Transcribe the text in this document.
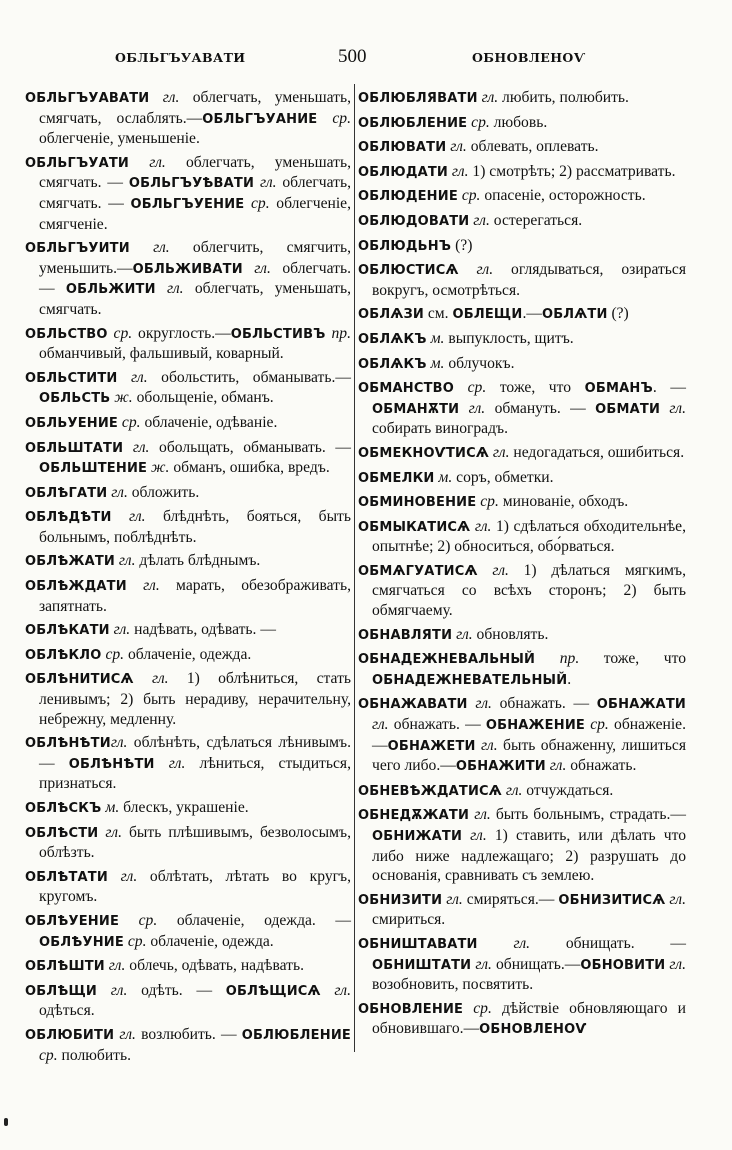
ОБЛЬГЪУАВАТИ	500	ОБНОВЛЕНОѴ

ОБЛЬГЪУАВАТИ гл. облегчать, уменьшать, смягчать, ослаблять.—ОБЛЬГЪУАНИЕ ср. облегченіе, уменьшеніе.

ОБЛЬГЪУАТИ гл. облегчать, уменьшать, смягчать. — ОБЛЬГЪУѢВАТИ гл. облегчать, смягчать. — ОБЛЬГЪУЕНИЕ ср. облегченіе, смягченіе.

ОБЛЬГЪУИТИ гл. облегчить, смягчить, уменьшить.—ОБЛЬЖИВАТИ гл. облегчать. — ОБЛЬЖИТИ гл. облегчать, уменьшать, смягчать.

ОБЛЬСТВО ср. округлость.—ОБЛЬСТИВЪ пр. обманчивый, фальшивый, коварный.

ОБЛЬСТИТИ гл. обольстить, обманывать.—ОБЛЬСТЬ ж. обольщеніе, обманъ.

ОБЛЬУЕНИЕ ср. облаченіе, одѣваніе.

ОБЛЬШТАТИ гл. обольщать, обманывать. — ОБЛЬШТЕНИЕ ж. обманъ, ошибка, вредъ.

ОБЛѢГАТИ гл. обложить.

ОБЛѢДѢТИ гл. блѣднѣть, бояться, быть больнымъ, поблѣднѣть.

ОБЛѢЖАТИ гл. дѣлать блѣднымъ.

ОБЛѢЖДАТИ гл. марать, обезображивать, запятнать.

ОБЛѢКАТИ гл. надѣвать, одѣвать. —

ОБЛѢКЛО ср. облаченіе, одежда.

ОБЛѢНИТИСѦ гл. 1) облѣниться, стать ленивымъ; 2) быть нерадиву, нерачительну, небрежну, медленну.

ОБЛѢНѢТИгл. облѣнѣть, сдѣлаться лѣнивымъ. — ОБЛѢНѢТИ гл. лѣниться, стыдиться, признаться.

ОБЛѢСКЪ м. блескъ, украшеніе.

ОБЛѢСТИ гл. быть плѣшивымъ, безволосымъ, облѣзть.

ОБЛѢТАТИ гл. облѣтать, лѣтать во кругъ, кругомъ.

ОБЛѢУЕНИЕ ср. облаченіе, одежда. — ОБЛѢУНИЕ ср. облаченіе, одежда.

ОБЛѢШТИ гл. облечь, одѣвать, надѣвать.

ОБЛѢЩИ гл. одѣть. — ОБЛѢЩИСѦ гл. одѣться.

ОБЛЮБИТИ гл. возлюбить. — ОБЛЮБЛЕНИЕ ср. полюбить.

ОБЛЮБЛЯВАТИ гл. любить, полюбить.

ОБЛЮБЛЕНИЕ ср. любовь.

ОБЛЮВАТИ гл. облевать, оплевать.

ОБЛЮДАТИ гл. 1) смотрѣть; 2) рассматривать.

ОБЛЮДЕНИЕ ср. опасеніе, осторожность.

ОБЛЮДОВАТИ гл. остерегаться.

ОБЛЮДЬНЪ (?)

ОБЛЮСТИСѦ гл. оглядываться, озираться вокругъ, осмотрѣться.

ОБЛѦЗИ см. ОБЛЕЩИ.—ОБЛѦТИ (?)

ОБЛѦКЪ м. выпуклость, щитъ.

ОБЛѦКЪ м. облучокъ.

ОБМАНСТВО ср. тоже, что ОБМАНЪ. — ОБМАНѪТИ гл. обмануть. — ОБМАТИ гл. собирать виноградъ.

ОБМЕКНОѴТИСѦ гл. недогадаться, ошибиться.

ОБМЕЛКИ м. соръ, обметки.

ОБМИНОВЕНИЕ ср. минованіе, обходъ.

ОБМЫКАТИСѦ гл. 1) сдѣлаться обходительнѣе, опытнѣе; 2) обноситься, обо́рваться.

ОБМѦГУАТИСѦ гл. 1) дѣлаться мягкимъ, смягчаться со всѣхъ сторонъ; 2) быть обмягчаему.

ОБНАВЛЯТИ гл. обновлять.

ОБНАДЕЖНЕВАЛЬНЫЙ пр. тоже, что ОБНАДЕЖНЕВАТЕЛЬНЫЙ.

ОБНАЖАВАТИ гл. обнажать. — ОБНАЖАТИ гл. обнажать. — ОБНАЖЕНИЕ ср. обнаженіе.—ОБНАЖЕТИ гл. быть обнаженну, лишиться чего либо.—ОБНАЖИТИ гл. обнажать.

ОБНЕВѢЖДАТИСѦ гл. отчуждаться.

ОБНЕДѪЖАТИ гл. быть больнымъ, страдать.—ОБНИЖАТИ гл. 1) ставить, или дѣлать что либо ниже надлежащаго; 2) разрушать до основанія, сравнивать съ землею.

ОБНИЗИТИ гл. смиряться.— ОБНИЗИТИСѦ гл. смириться.

ОБНИШТАВАТИ гл. обнищать. — ОБНИШТАТИ гл. обнищать.—ОБНОВИТИ гл. возобновить, посвятить.

ОБНОВЛЕНИЕ ср. дѣйствіе обновляющаго и обновившаго.—ОБНОВЛЕНОѴ
